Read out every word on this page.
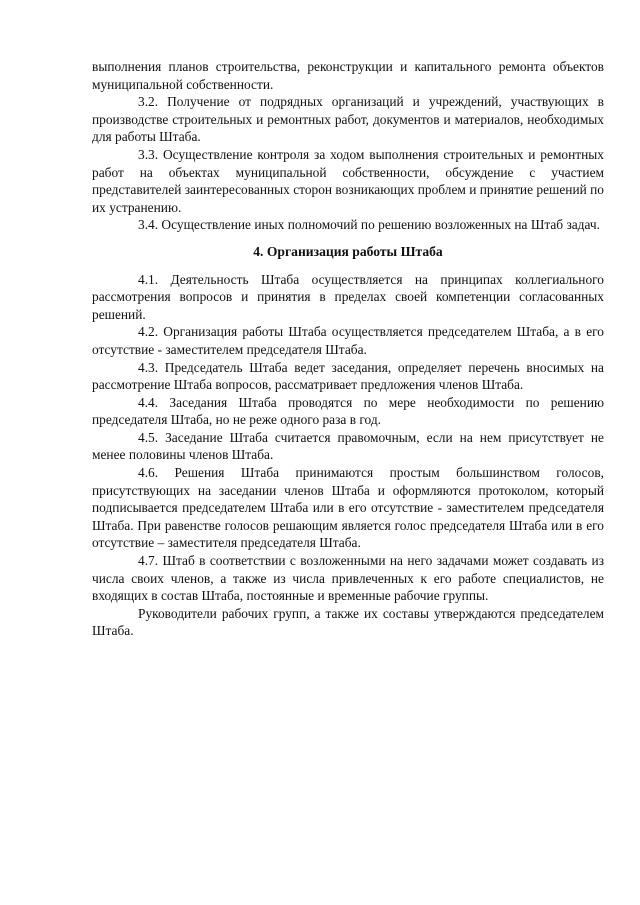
выполнения планов строительства, реконструкции и капитального ремонта объектов муниципальной собственности.

3.2. Получение от подрядных организаций и учреждений, участвующих в производстве строительных и ремонтных работ, документов и материалов, необходимых для работы Штаба.

3.3. Осуществление контроля за ходом выполнения строительных и ремонтных работ на объектах муниципальной собственности, обсуждение с участием представителей заинтересованных сторон возникающих проблем и принятие решений по их устранению.

3.4. Осуществление иных полномочий по решению возложенных на Штаб задач.

4. Организация работы Штаба

4.1. Деятельность Штаба осуществляется на принципах коллегиального рассмотрения вопросов и принятия в пределах своей компетенции согласованных решений.

4.2. Организация работы Штаба осуществляется председателем Штаба, а в его отсутствие - заместителем председателя Штаба.

4.3. Председатель Штаба ведет заседания, определяет перечень вносимых на рассмотрение Штаба вопросов, рассматривает предложения членов Штаба.

4.4. Заседания Штаба проводятся по мере необходимости по решению председателя Штаба, но не реже одного раза в год.

4.5. Заседание Штаба считается правомочным, если на нем присутствует не менее половины членов Штаба.

4.6. Решения Штаба принимаются простым большинством голосов, присутствующих на заседании членов Штаба и оформляются протоколом, который подписывается председателем Штаба или в его отсутствие - заместителем председателя Штаба. При равенстве голосов решающим является голос председателя Штаба или в его отсутствие – заместителя председателя Штаба.

4.7. Штаб в соответствии с возложенными на него задачами может создавать из числа своих членов, а также из числа привлеченных к его работе специалистов, не входящих в состав Штаба, постоянные и временные рабочие группы.

Руководители рабочих групп, а также их составы утверждаются председателем Штаба.
